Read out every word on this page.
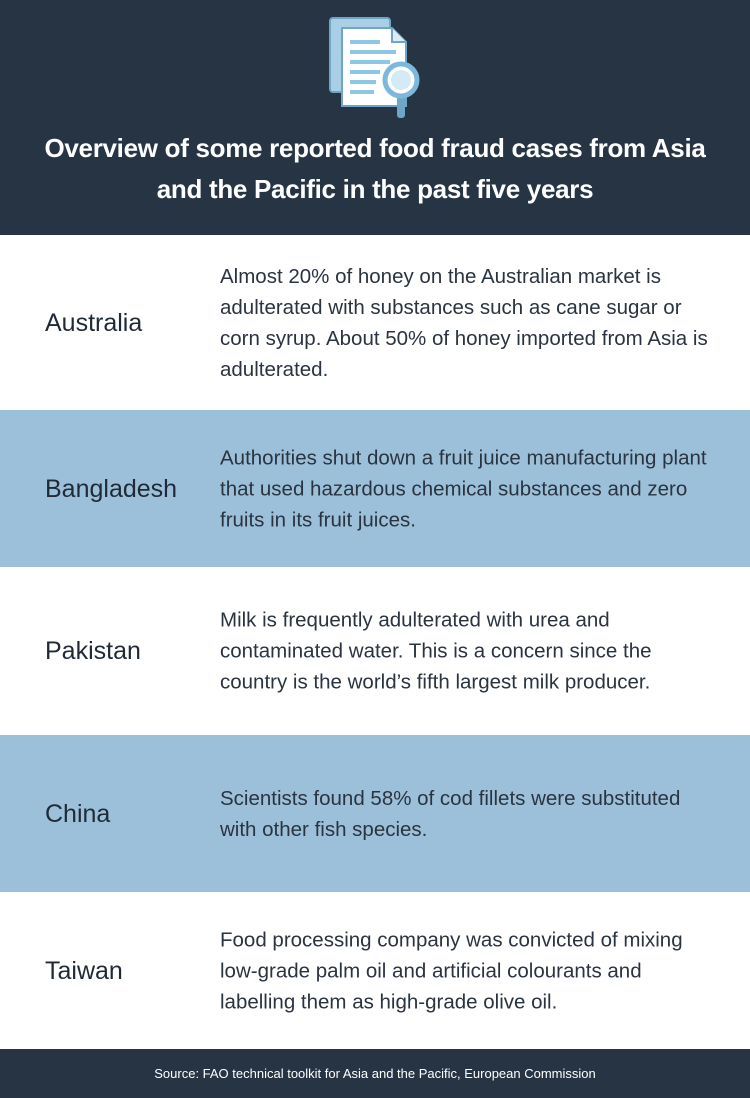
Overview of some reported food fraud cases from Asia and the Pacific in the past five years
Australia
Almost 20% of honey on the Australian market is adulterated with substances such as cane sugar or corn syrup. About 50% of honey imported from Asia is adulterated.
Bangladesh
Authorities shut down a fruit juice manufacturing plant that used hazardous chemical substances and zero fruits in its fruit juices.
Pakistan
Milk is frequently adulterated with urea and contaminated water. This is a concern since the country is the world’s fifth largest milk producer.
China
Scientists found 58% of cod fillets were substituted with other fish species.
Taiwan
Food processing company was convicted of mixing low-grade palm oil and artificial colourants and labelling them as high-grade olive oil.
Source: FAO technical toolkit for Asia and the Pacific, European Commission
